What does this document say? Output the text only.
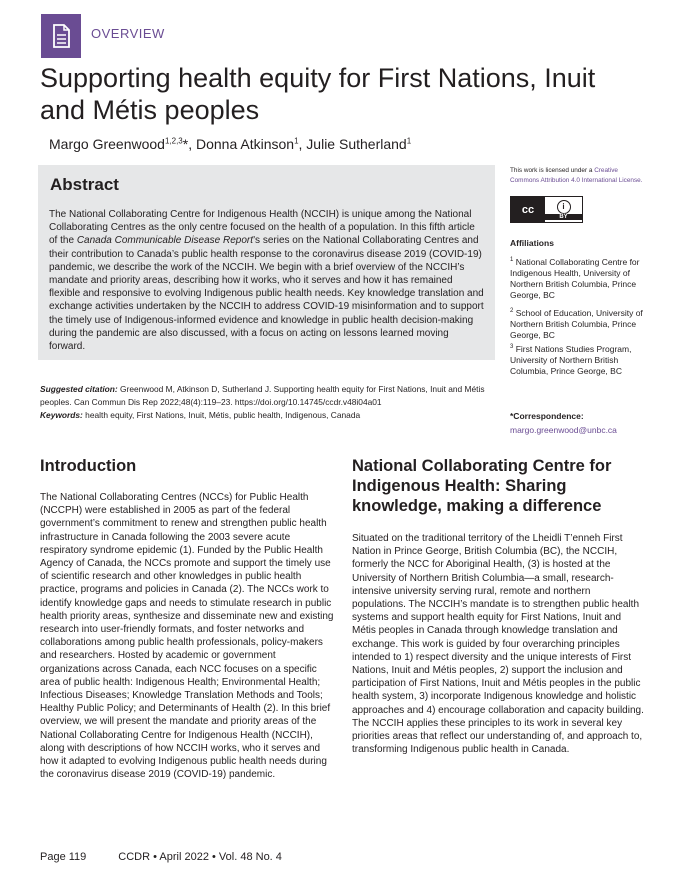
OVERVIEW
Supporting health equity for First Nations, Inuit and Métis peoples
Margo Greenwood$^{1,2,3}$*, Donna Atkinson$^1$, Julie Sutherland$^1$
Abstract

The National Collaborating Centre for Indigenous Health (NCCIH) is unique among the National Collaborating Centres as the only centre focused on the health of a population. In this fifth article of the Canada Communicable Disease Report’s series on the National Collaborating Centres and their contribution to Canada’s public health response to the coronavirus disease 2019 (COVID-19) pandemic, we describe the work of the NCCIH. We begin with a brief overview of the NCCIH’s mandate and priority areas, describing how it works, who it serves and how it has remained flexible and responsive to evolving Indigenous public health needs. Key knowledge translation and exchange activities undertaken by the NCCIH to address COVID-19 misinformation and to support the timely use of Indigenous-informed evidence and knowledge in public health decision-making during the pandemic are also discussed, with a focus on acting on lessons learned moving forward.

Suggested citation: Greenwood M, Atkinson D, Sutherland J. Supporting health equity for First Nations, Inuit and Métis peoples. Can Commun Dis Rep 2022;48(4):119–23. https://doi.org/10.14745/ccdr.v48i04a01
Keywords: health equity, First Nations, Inuit, Métis, public health, Indigenous, Canada

This work is licensed under a Creative Commons Attribution 4.0 International License.
cc	i
BY
Affiliations
$^1$ National Collaborating Centre for Indigenous Health, University of Northern British Columbia, Prince George, BC
$^2$ School of Education, University of Northern British Columbia, Prince George, BC
$^3$ First Nations Studies Program, University of Northern British Columbia, Prince George, BC
*Correspondence:
margo.greenwood@unbc.ca
Introduction

The National Collaborating Centres (NCCs) for Public Health (NCCPH) were established in 2005 as part of the federal government’s commitment to renew and strengthen public health infrastructure in Canada following the 2003 severe acute respiratory syndrome epidemic (1). Funded by the Public Health Agency of Canada, the NCCs promote and support the timely use of scientific research and other knowledges in public health practice, programs and policies in Canada (2). The NCCs work to identify knowledge gaps and needs to stimulate research in public health priority areas, synthesize and disseminate new and existing research into user-friendly formats, and foster networks and collaborations among public health professionals, policy-makers and researchers. Hosted by academic or government organizations across Canada, each NCC focuses on a specific area of public health: Indigenous Health; Environmental Health; Infectious Diseases; Knowledge Translation Methods and Tools; Healthy Public Policy; and Determinants of Health (2). In this brief overview, we will present the mandate and priority areas of the National Collaborating Centre for Indigenous Health (NCCIH), along with descriptions of how NCCIH works, who it serves and how it adapted to evolving Indigenous public health needs during the coronavirus disease 2019 (COVID-19) pandemic.

National Collaborating Centre for Indigenous Health: Sharing knowledge, making a difference

Situated on the traditional territory of the Lheidli T’enneh First Nation in Prince George, British Columbia (BC), the NCCIH, formerly the NCC for Aboriginal Health, (3) is hosted at the University of Northern British Columbia—a small, research-intensive university serving rural, remote and northern populations. The NCCIH’s mandate is to strengthen public health systems and support health equity for First Nations, Inuit and Métis peoples in Canada through knowledge translation and exchange. This work is guided by four overarching principles intended to 1) respect diversity and the unique interests of First Nations, Inuit and Métis peoples, 2) support the inclusion and participation of First Nations, Inuit and Métis peoples in the public health system, 3) incorporate Indigenous knowledge and holistic approaches and 4) encourage collaboration and capacity building. The NCCIH applies these principles to its work in several key priorities areas that reflect our understanding of, and approach to, transforming Indigenous public health in Canada.

Page 119	CCDR • April 2022 • Vol. 48 No. 4
